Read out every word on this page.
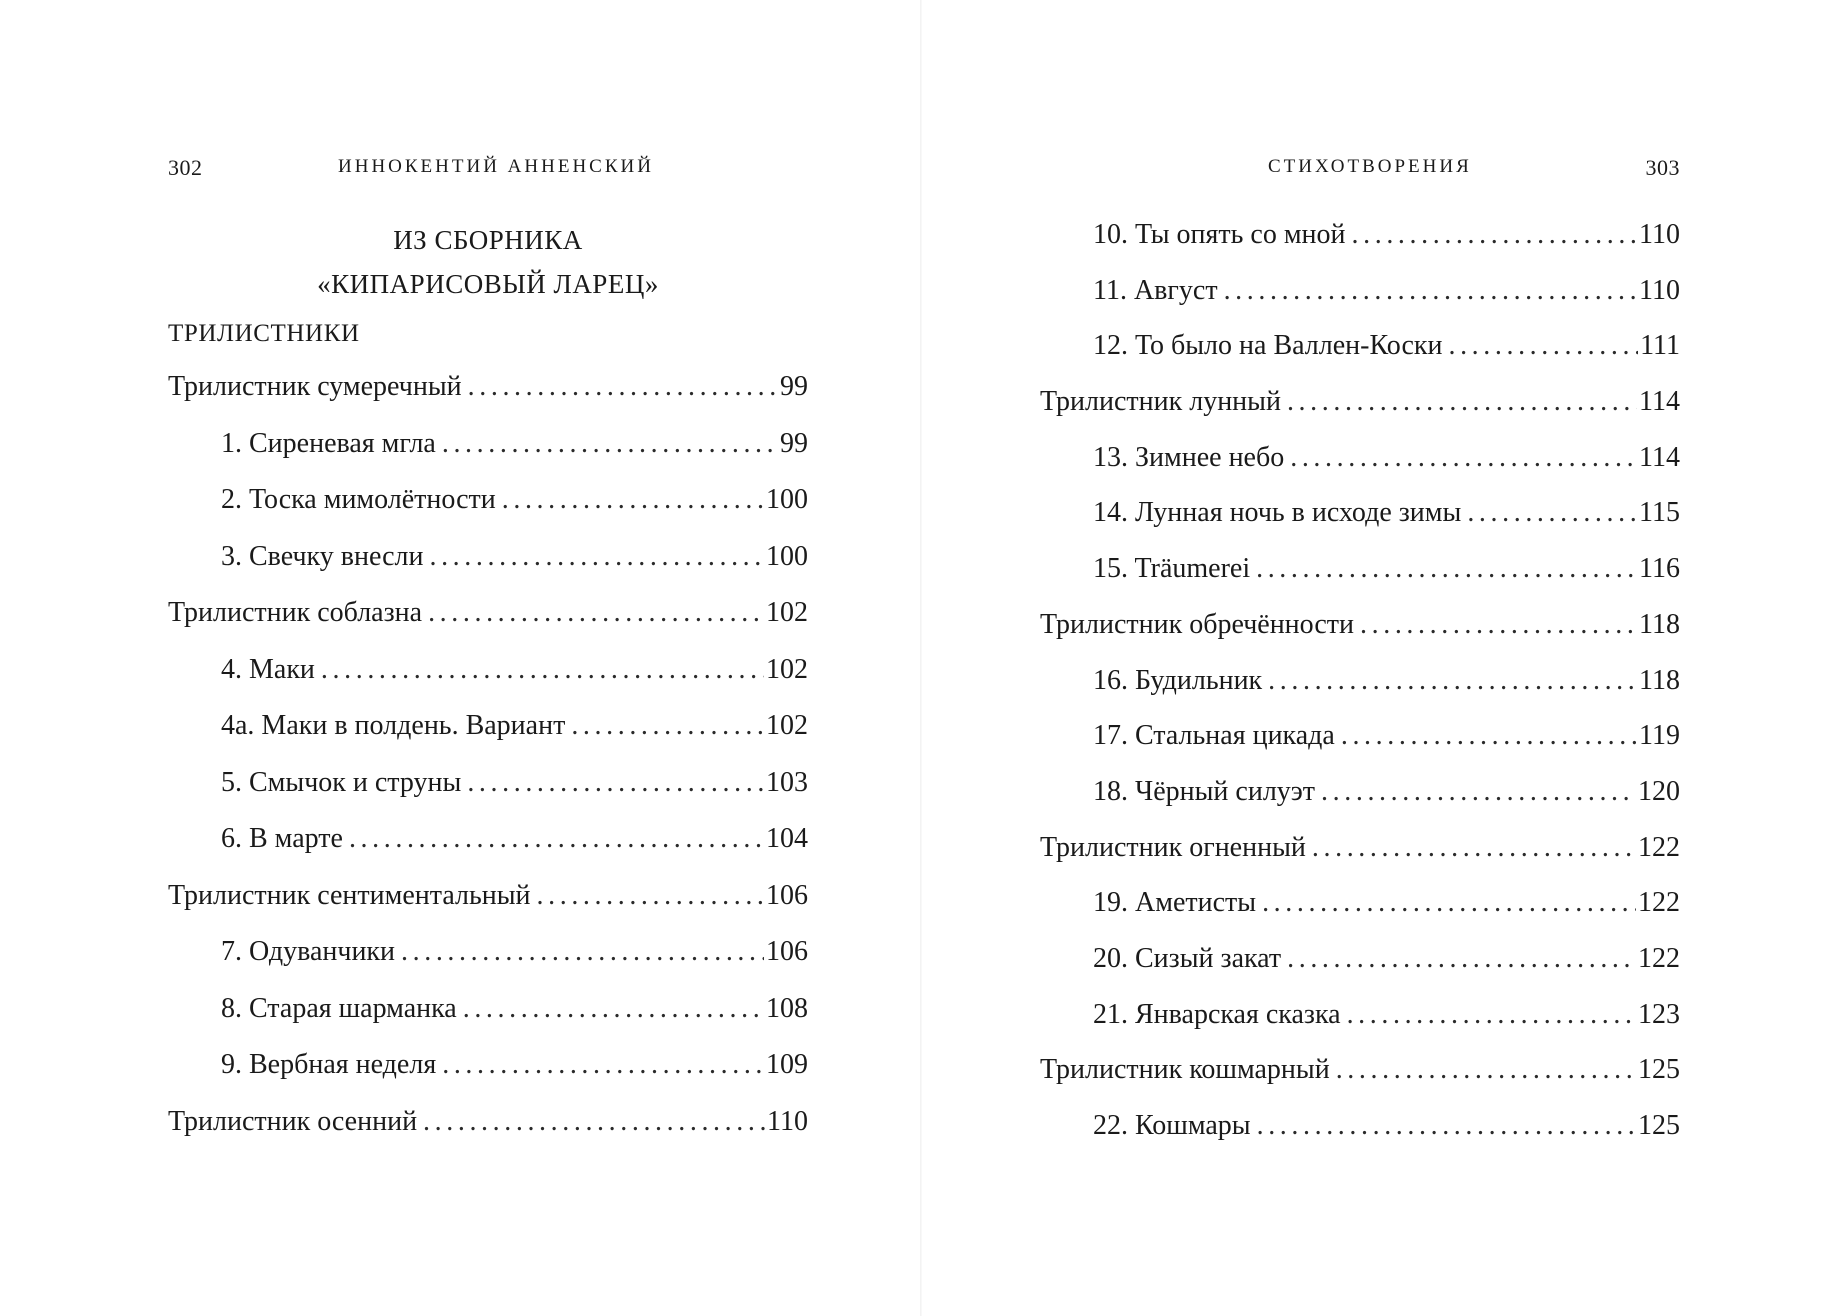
302	ИННОКЕНТИЙ АННЕНСКИЙ
ИЗ СБОРНИКА
«КИПАРИСОВЫЙ ЛАРЕЦ»
ТРИЛИСТНИКИ
Трилистник сумеречный . . .	99
1. Сиреневая мгла . . .	99
2. Тоска мимолётности . . .	100
3. Свечку внесли . . .	100
Трилистник соблазна . . .	102
4. Маки . . .	102
4а. Маки в полдень. Вариант . . .	102
5. Смычок и струны . . .	103
6. В марте . . .	104
Трилистник сентиментальный . . .	106
7. Одуванчики . . .	106
8. Старая шарманка . . .	108
9. Вербная неделя . . .	109
Трилистник осенний . . .	110
СТИХОТВОРЕНИЯ	303
10. Ты опять со мной . . .	110
11. Август . . .	110
12. То было на Валлен-Коски . . .	111
Трилистник лунный . . .	114
13. Зимнее небо . . .	114
14. Лунная ночь в исходе зимы . . .	115
15. Träumerei . . .	116
Трилистник обречённости . . .	118
16. Будильник . . .	118
17. Стальная цикада . . .	119
18. Чёрный силуэт . . .	120
Трилистник огненный . . .	122
19. Аметисты . . .	122
20. Сизый закат . . .	122
21. Январская сказка . . .	123
Трилистник кошмарный . . .	125
22. Кошмары . . .	125
